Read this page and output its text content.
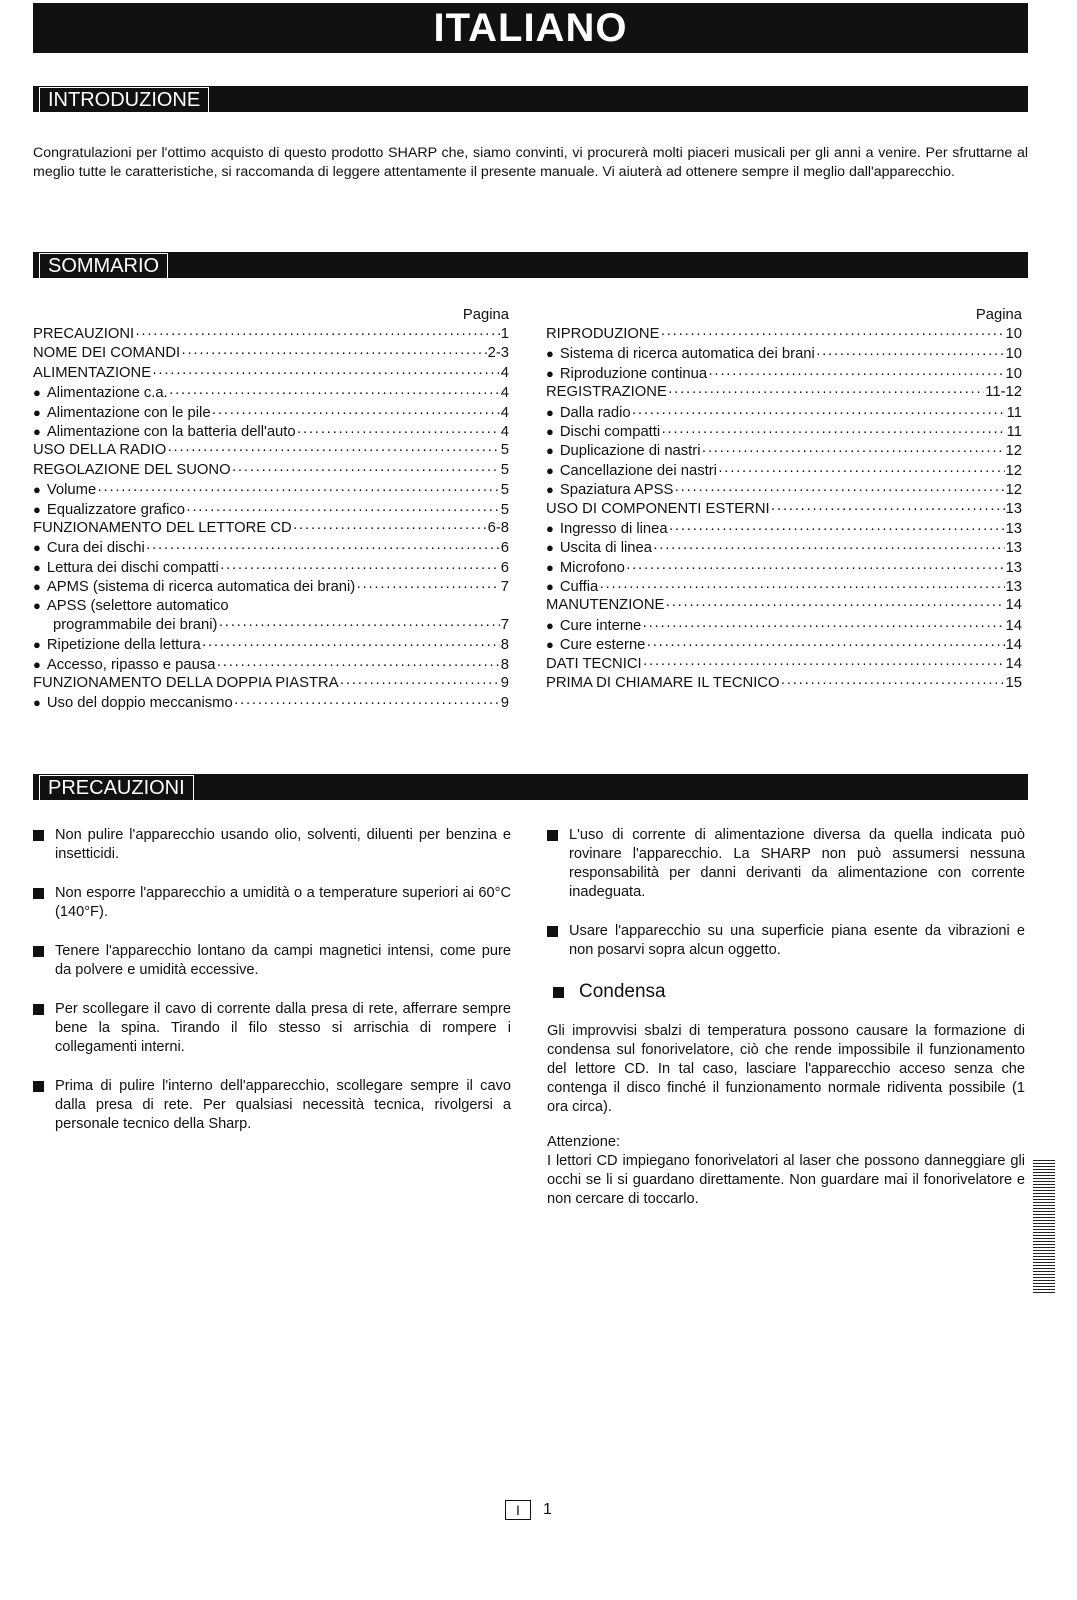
ITALIANO
INTRODUZIONE

Congratulazioni per l'ottimo acquisto di questo prodotto SHARP che, siamo convinti, vi procurerà molti piaceri musicali per gli anni a venire. Per sfruttarne al meglio tutte le caratteristiche, si raccomanda di leggere attentamente il presente manuale. Vi aiuterà ad ottenere sempre il meglio dall'apparecchio.

SOMMARIO
Pagina
PRECAUZIONI ·····	1
NOME DEI COMANDI ·····	2-3
ALIMENTAZIONE ·····	4
● Alimentazione c.a. ·····	4
● Alimentazione con le pile ·····	4
● Alimentazione con la batteria dell'auto ·····	4
USO DELLA RADIO ·····	5
REGOLAZIONE DEL SUONO ·····	5
● Volume ·····	5
● Equalizzatore grafico ·····	5
FUNZIONAMENTO DEL LETTORE CD ·····	6-8
● Cura dei dischi ·····	6
● Lettura dei dischi compatti ·····	6
● APMS (sistema di ricerca automatica dei brani) ·····	7
● APSS (selettore automatico
programmabile dei brani) ·····	7
● Ripetizione della lettura ·····	8
● Accesso, ripasso e pausa ·····	8
FUNZIONAMENTO DELLA DOPPIA PIASTRA ·····	9
● Uso del doppio meccanismo ·····	9
Pagina
RIPRODUZIONE ·····	10
● Sistema di ricerca automatica dei brani ·····	10
● Riproduzione continua ·····	10
REGISTRAZIONE ·····	11-12
● Dalla radio ·····	11
● Dischi compatti ·····	11
● Duplicazione di nastri ·····	12
● Cancellazione dei nastri ·····	12
● Spaziatura APSS ·····	12
USO DI COMPONENTI ESTERNI ·····	13
● Ingresso di linea ·····	13
● Uscita di linea ·····	13
● Microfono ·····	13
● Cuffia ·····	13
MANUTENZIONE ·····	14
● Cure interne ·····	14
● Cure esterne ·····	14
DATI TECNICI ·····	14
PRIMA DI CHIAMARE IL TECNICO ·····	15
PRECAUZIONI
Non pulire l'apparecchio usando olio, solventi, diluenti per benzina e insetticidi.
Non esporre l'apparecchio a umidità o a temperature superiori ai 60°C (140°F).
Tenere l'apparecchio lontano da campi magnetici intensi, come pure da polvere e umidità eccessive.
Per scollegare il cavo di corrente dalla presa di rete, afferrare sempre bene la spina. Tirando il filo stesso si arrischia di rompere i collegamenti interni.
Prima di pulire l'interno dell'apparecchio, scollegare sempre il cavo dalla presa di rete. Per qualsiasi necessità tecnica, rivolgersi a personale tecnico della Sharp.
L'uso di corrente di alimentazione diversa da quella indicata può rovinare l'apparecchio. La SHARP non può assumersi nessuna responsabilità per danni derivanti da alimentazione con corrente inadeguata.
Usare l'apparecchio su una superficie piana esente da vibrazioni e non posarvi sopra alcun oggetto.
Condensa

Gli improvvisi sbalzi di temperatura possono causare la formazione di condensa sul fonorivelatore, ciò che rende impossibile il funzionamento del lettore CD. In tal caso, lasciare l'apparecchio acceso senza che contenga il disco finché il funzionamento normale ridiventa possibile (1 ora circa).

Attenzione:

I lettori CD impiegano fonorivelatori al laser che possono danneggiare gli occhi se li si guardano direttamente. Non guardare mai il fonorivelatore e non cercare di toccarlo.

I	1
